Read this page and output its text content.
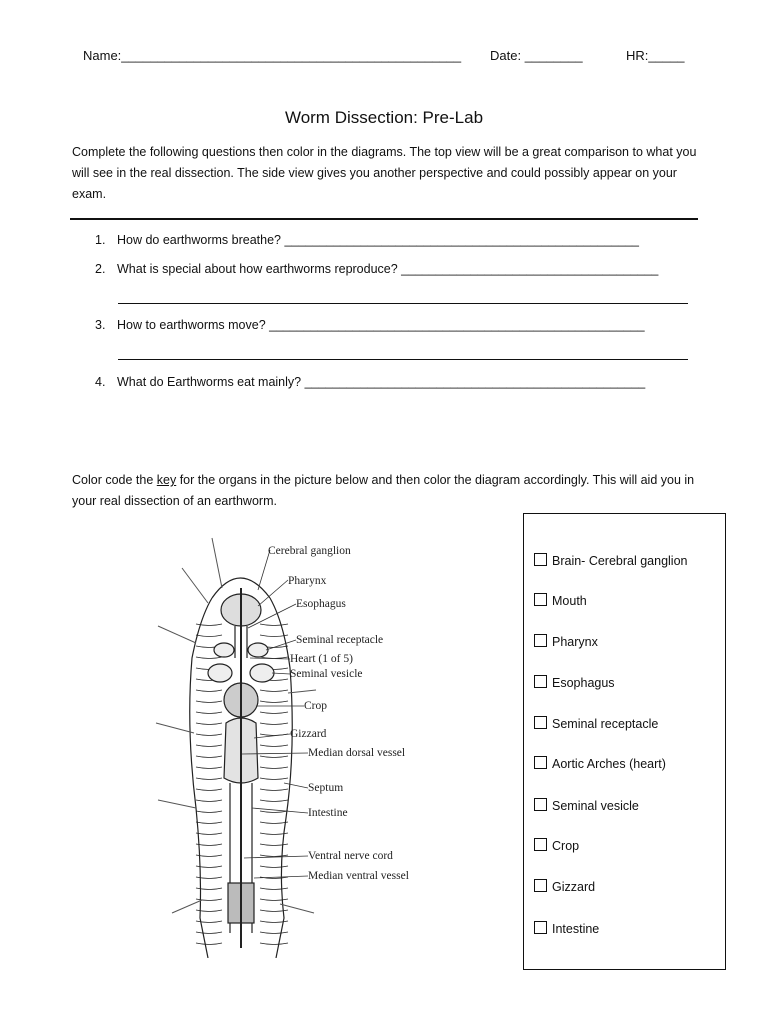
Name:_______________________________________________ Date: ________	HR:_____
Worm Dissection: Pre-Lab
Complete the following questions then color in the diagrams. The top view will be a great comparison to what you will see in the real dissection. The side view gives you another perspective and could possibly appear on your exam.
1. How do earthworms breathe? ___________________________________________________
2. What is special about how earthworms reproduce? _____________________________________
3. How to earthworms move? ______________________________________________________
4. What do Earthworms eat mainly? _________________________________________________
Color code the key for the organs in the picture below and then color the diagram accordingly. This will aid you in your real dissection of an earthworm.
Cerebral ganglion
Pharynx
Esophagus
Seminal receptacle
Heart (1 of 5)
Seminal vesicle
Crop
Gizzard
Median dorsal vessel
Septum
Intestine
Ventral nerve cord
Median ventral vessel
Brain- Cerebral ganglion
Mouth
Pharynx
Esophagus
Seminal receptacle
Aortic Arches (heart)
Seminal vesicle
Crop
Gizzard
Intestine
